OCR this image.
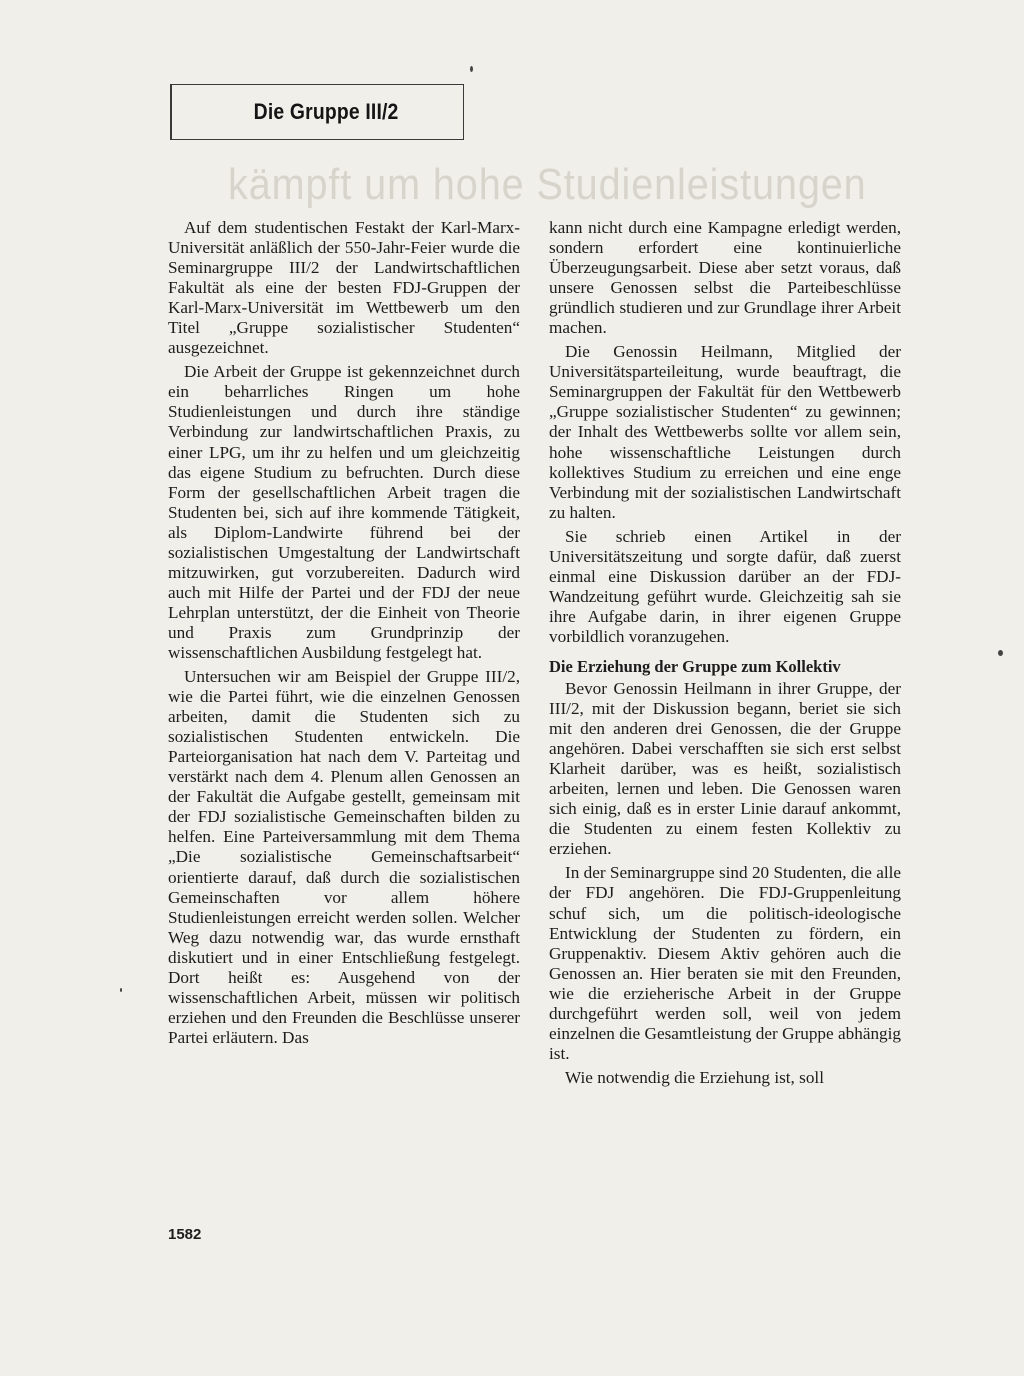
Die Gruppe III/2
kämpft um hohe Studienleistungen

Auf dem studentischen Festakt der Karl-Marx-Universität anläßlich der 550-Jahr-Feier wurde die Seminargruppe III/2 der Landwirtschaftlichen Fakultät als eine der besten FDJ-Gruppen der Karl-Marx-Universität im Wettbewerb um den Titel „Gruppe sozialistischer Studenten“ ausgezeichnet.

Die Arbeit der Gruppe ist gekennzeichnet durch ein beharrliches Ringen um hohe Studienleistungen und durch ihre ständige Verbindung zur landwirtschaftlichen Praxis, zu einer LPG, um ihr zu helfen und um gleichzeitig das eigene Studium zu befruchten. Durch diese Form der gesellschaftlichen Arbeit tragen die Studenten bei, sich auf ihre kommende Tätigkeit, als Diplom-Landwirte führend bei der sozialistischen Umgestaltung der Landwirtschaft mitzuwirken, gut vorzubereiten. Dadurch wird auch mit Hilfe der Partei und der FDJ der neue Lehrplan unterstützt, der die Einheit von Theorie und Praxis zum Grundprinzip der wissenschaftlichen Ausbildung festgelegt hat.

Untersuchen wir am Beispiel der Gruppe III/2, wie die Partei führt, wie die einzelnen Genossen arbeiten, damit die Studenten sich zu sozialistischen Studenten entwickeln. Die Parteiorganisation hat nach dem V. Parteitag und verstärkt nach dem 4. Plenum allen Genossen an der Fakultät die Aufgabe gestellt, gemeinsam mit der FDJ sozialistische Gemeinschaften bilden zu helfen. Eine Parteiversammlung mit dem Thema „Die sozialistische Gemeinschaftsarbeit“ orientierte darauf, daß durch die sozialistischen Gemeinschaften vor allem höhere Studienleistungen erreicht werden sollen. Welcher Weg dazu notwendig war, das wurde ernsthaft diskutiert und in einer Entschließung festgelegt. Dort heißt es: Ausgehend von der wissenschaftlichen Arbeit, müssen wir politisch erziehen und den Freunden die Beschlüsse unserer Partei erläutern. Das

kann nicht durch eine Kampagne erledigt werden, sondern erfordert eine kontinuierliche Überzeugungsarbeit. Diese aber setzt voraus, daß unsere Genossen selbst die Parteibeschlüsse gründlich studieren und zur Grundlage ihrer Arbeit machen.

Die Genossin Heilmann, Mitglied der Universitätsparteileitung, wurde beauftragt, die Seminargruppen der Fakultät für den Wettbewerb „Gruppe sozialistischer Studenten“ zu gewinnen; der Inhalt des Wettbewerbs sollte vor allem sein, hohe wissenschaftliche Leistungen durch kollektives Studium zu erreichen und eine enge Verbindung mit der sozialistischen Landwirtschaft zu halten.

Sie schrieb einen Artikel in der Universitätszeitung und sorgte dafür, daß zuerst einmal eine Diskussion darüber an der FDJ-Wandzeitung geführt wurde. Gleichzeitig sah sie ihre Aufgabe darin, in ihrer eigenen Gruppe vorbildlich voranzugehen.

Die Erziehung der Gruppe zum Kollektiv

Bevor Genossin Heilmann in ihrer Gruppe, der III/2, mit der Diskussion begann, beriet sie sich mit den anderen drei Genossen, die der Gruppe angehören. Dabei verschafften sie sich erst selbst Klarheit darüber, was es heißt, sozialistisch arbeiten, lernen und leben. Die Genossen waren sich einig, daß es in erster Linie darauf ankommt, die Studenten zu einem festen Kollektiv zu erziehen.

In der Seminargruppe sind 20 Studenten, die alle der FDJ angehören. Die FDJ-Gruppenleitung schuf sich, um die politisch-ideologische Entwicklung der Studenten zu fördern, ein Gruppenaktiv. Diesem Aktiv gehören auch die Genossen an. Hier beraten sie mit den Freunden, wie die erzieherische Arbeit in der Gruppe durchgeführt werden soll, weil von jedem einzelnen die Gesamtleistung der Gruppe abhängig ist.

Wie notwendig die Erziehung ist, soll

1582
